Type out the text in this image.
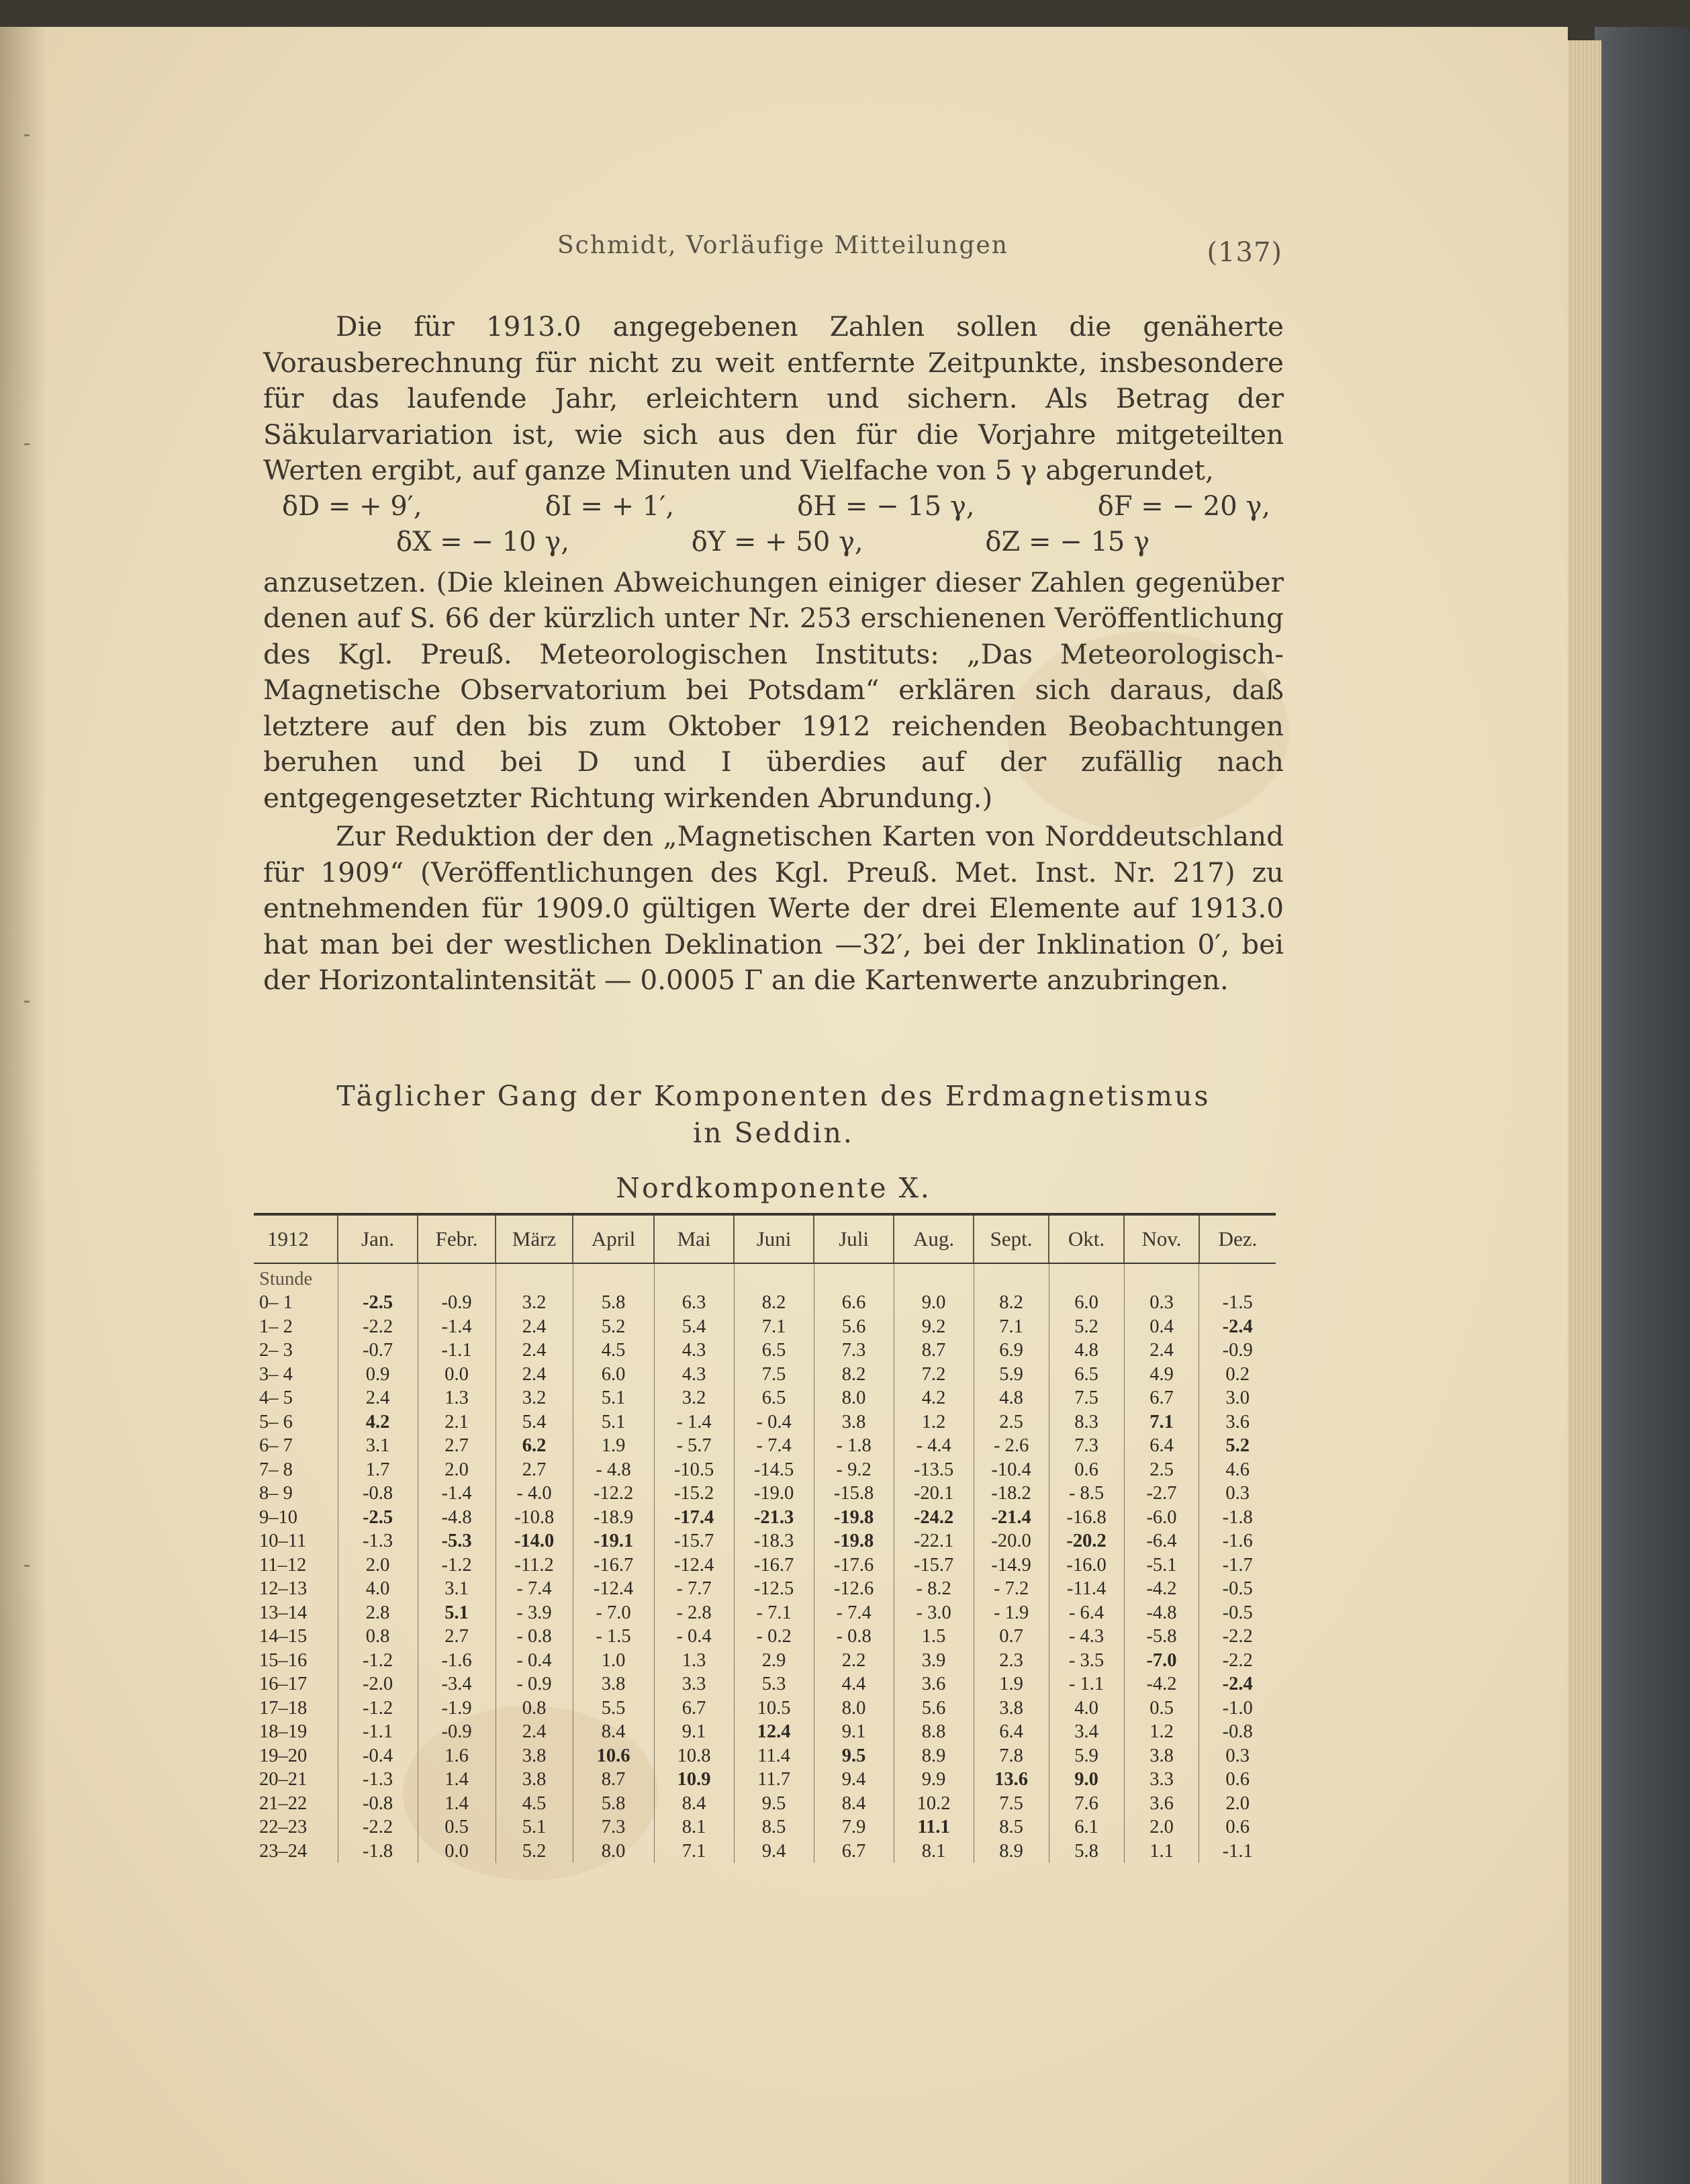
Schmidt, Vorläufige Mitteilungen	(137)

Die für 1913.0 angegebenen Zahlen sollen die genäherte Vorausberechnung für nicht zu weit entfernte Zeitpunkte, insbesondere für das laufende Jahr, erleichtern und sichern. Als Betrag der Säkularvariation ist, wie sich aus den für die Vorjahre mitgeteilten Werten ergibt, auf ganze Minuten und Vielfache von 5 γ abgerundet,

δD = + 9′,	δI = + 1′,	δH = − 15 γ,	δF = − 20 γ,
δX = − 10 γ,	δY = + 50 γ,	δZ = − 15 γ

anzusetzen. (Die kleinen Abweichungen einiger dieser Zahlen gegenüber denen auf S. 66 der kürzlich unter Nr. 253 erschienenen Veröffentlichung des Kgl. Preuß. Meteorologischen Instituts: „Das Meteorologisch-Magnetische Observatorium bei Potsdam“ erklären sich daraus, daß letztere auf den bis zum Oktober 1912 reichenden Beobachtungen beruhen und bei D und I überdies auf der zufällig nach entgegengesetzter Richtung wirkenden Abrundung.)

Zur Reduktion der den „Magnetischen Karten von Norddeutschland für 1909“ (Veröffentlichungen des Kgl. Preuß. Met. Inst. Nr. 217) zu entnehmenden für 1909.0 gültigen Werte der drei Elemente auf 1913.0 hat man bei der westlichen Deklination —32′, bei der Inklination 0′, bei der Horizontalintensität — 0.0005 Γ an die Kartenwerte anzubringen.

Täglicher Gang der Komponenten des Erdmagnetismus
in Seddin.
Nordkomponente X.

1912	Jan.	Febr.	März	April	Mai	Juni	Juli	Aug.	Sept.	Okt.	Nov.	Dez.
Stunde												
0– 1	-2.5	-0.9	3.2	5.8	6.3	8.2	6.6	9.0	8.2	6.0	0.3	-1.5
1– 2	-2.2	-1.4	2.4	5.2	5.4	7.1	5.6	9.2	7.1	5.2	0.4	-2.4
2– 3	-0.7	-1.1	2.4	4.5	4.3	6.5	7.3	8.7	6.9	4.8	2.4	-0.9
3– 4	0.9	0.0	2.4	6.0	4.3	7.5	8.2	7.2	5.9	6.5	4.9	0.2
4– 5	2.4	1.3	3.2	5.1	3.2	6.5	8.0	4.2	4.8	7.5	6.7	3.0
5– 6	4.2	2.1	5.4	5.1	- 1.4	- 0.4	3.8	1.2	2.5	8.3	7.1	3.6
6– 7	3.1	2.7	6.2	1.9	- 5.7	- 7.4	- 1.8	- 4.4	- 2.6	7.3	6.4	5.2
7– 8	1.7	2.0	2.7	- 4.8	-10.5	-14.5	- 9.2	-13.5	-10.4	0.6	2.5	4.6
8– 9	-0.8	-1.4	- 4.0	-12.2	-15.2	-19.0	-15.8	-20.1	-18.2	- 8.5	-2.7	0.3
9–10	-2.5	-4.8	-10.8	-18.9	-17.4	-21.3	-19.8	-24.2	-21.4	-16.8	-6.0	-1.8
10–11	-1.3	-5.3	-14.0	-19.1	-15.7	-18.3	-19.8	-22.1	-20.0	-20.2	-6.4	-1.6
11–12	2.0	-1.2	-11.2	-16.7	-12.4	-16.7	-17.6	-15.7	-14.9	-16.0	-5.1	-1.7
12–13	4.0	3.1	- 7.4	-12.4	- 7.7	-12.5	-12.6	- 8.2	- 7.2	-11.4	-4.2	-0.5
13–14	2.8	5.1	- 3.9	- 7.0	- 2.8	- 7.1	- 7.4	- 3.0	- 1.9	- 6.4	-4.8	-0.5
14–15	0.8	2.7	- 0.8	- 1.5	- 0.4	- 0.2	- 0.8	1.5	0.7	- 4.3	-5.8	-2.2
15–16	-1.2	-1.6	- 0.4	1.0	1.3	2.9	2.2	3.9	2.3	- 3.5	-7.0	-2.2
16–17	-2.0	-3.4	- 0.9	3.8	3.3	5.3	4.4	3.6	1.9	- 1.1	-4.2	-2.4
17–18	-1.2	-1.9	0.8	5.5	6.7	10.5	8.0	5.6	3.8	4.0	0.5	-1.0
18–19	-1.1	-0.9	2.4	8.4	9.1	12.4	9.1	8.8	6.4	3.4	1.2	-0.8
19–20	-0.4	1.6	3.8	10.6	10.8	11.4	9.5	8.9	7.8	5.9	3.8	0.3
20–21	-1.3	1.4	3.8	8.7	10.9	11.7	9.4	9.9	13.6	9.0	3.3	0.6
21–22	-0.8	1.4	4.5	5.8	8.4	9.5	8.4	10.2	7.5	7.6	3.6	2.0
22–23	-2.2	0.5	5.1	7.3	8.1	8.5	7.9	11.1	8.5	6.1	2.0	0.6
23–24	-1.8	0.0	5.2	8.0	7.1	9.4	6.7	8.1	8.9	5.8	1.1	-1.1
